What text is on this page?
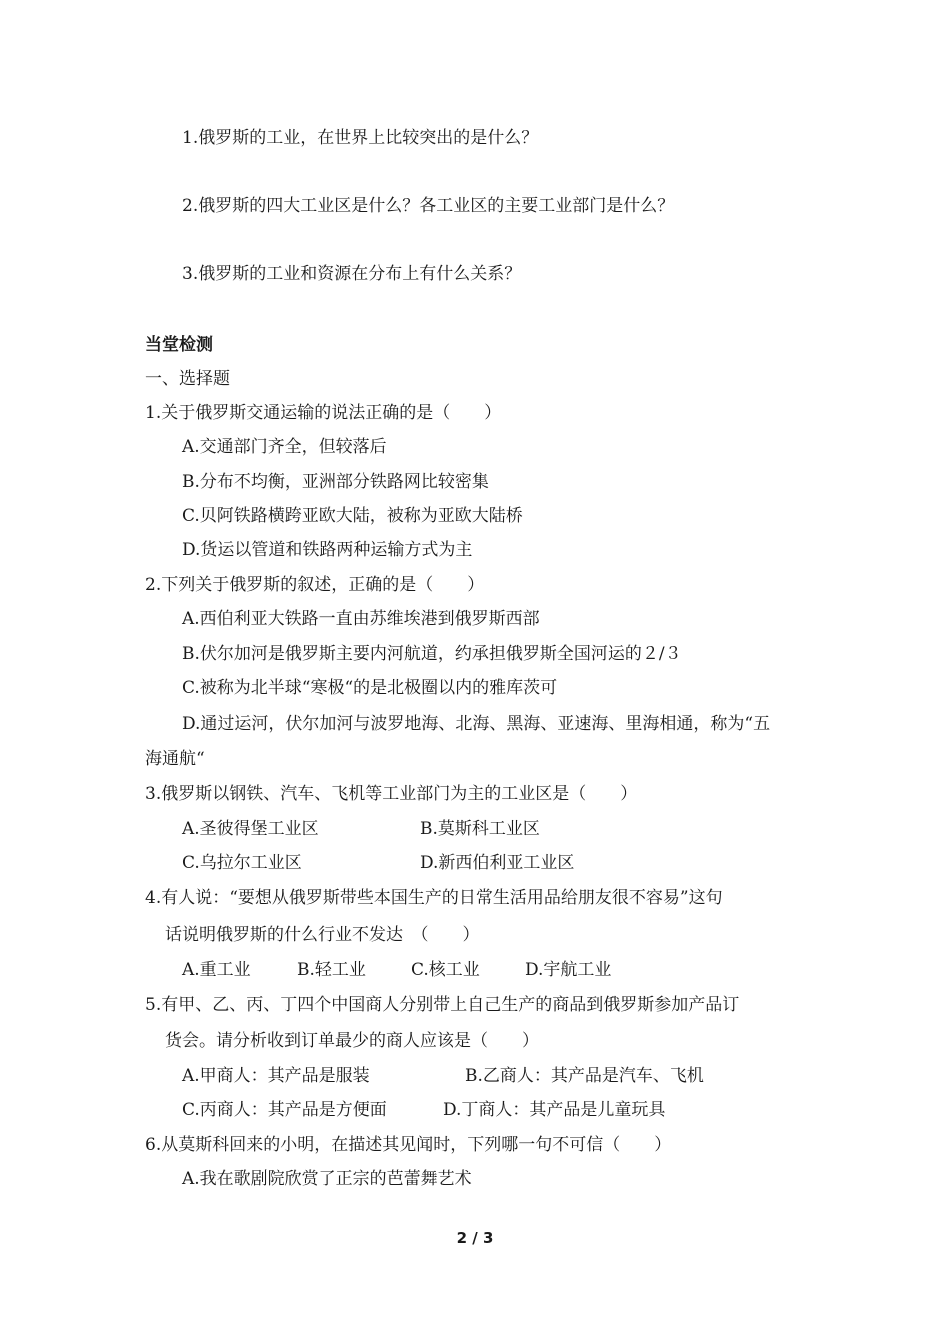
1.俄罗斯的工业，在世界上比较突出的是什么？
2.俄罗斯的四大工业区是什么？各工业区的主要工业部门是什么？
3.俄罗斯的工业和资源在分布上有什么关系？
当堂检测
一、选择题
1.关于俄罗斯交通运输的说法正确的是（　　）
A.交通部门齐全，但较落后
B.分布不均衡，亚洲部分铁路网比较密集
C.贝阿铁路横跨亚欧大陆，被称为亚欧大陆桥
D.货运以管道和铁路两种运输方式为主
2.下列关于俄罗斯的叙述，正确的是（　　）
A.西伯利亚大铁路一直由苏维埃港到俄罗斯西部
B.伏尔加河是俄罗斯主要内河航道，约承担俄罗斯全国河运的２/３
C.被称为北半球“寒极“的是北极圈以内的雅库茨可
D.通过运河，伏尔加河与波罗地海、北海、黑海、亚速海、里海相通，称为“五
海通航“
3.俄罗斯以钢铁、汽车、飞机等工业部门为主的工业区是（　　）
A.圣彼得堡工业区	B.莫斯科工业区
C.乌拉尔工业区	D.新西伯利亚工业区
4.有人说：“要想从俄罗斯带些本国生产的日常生活用品给朋友很不容易”这句
话说明俄罗斯的什么行业不发达　（　　）
A.重工业	B.轻工业	C.核工业	D.宇航工业
5.有甲、乙、丙、丁四个中国商人分别带上自己生产的商品到俄罗斯参加产品订
货会。请分析收到订单最少的商人应该是（　　）
A.甲商人：其产品是服装	B.乙商人：其产品是汽车、飞机
C.丙商人：其产品是方便面	D.丁商人：其产品是儿童玩具
6.从莫斯科回来的小明，在描述其见闻时，下列哪一句不可信（　　）
A.我在歌剧院欣赏了正宗的芭蕾舞艺术
2 / 3
